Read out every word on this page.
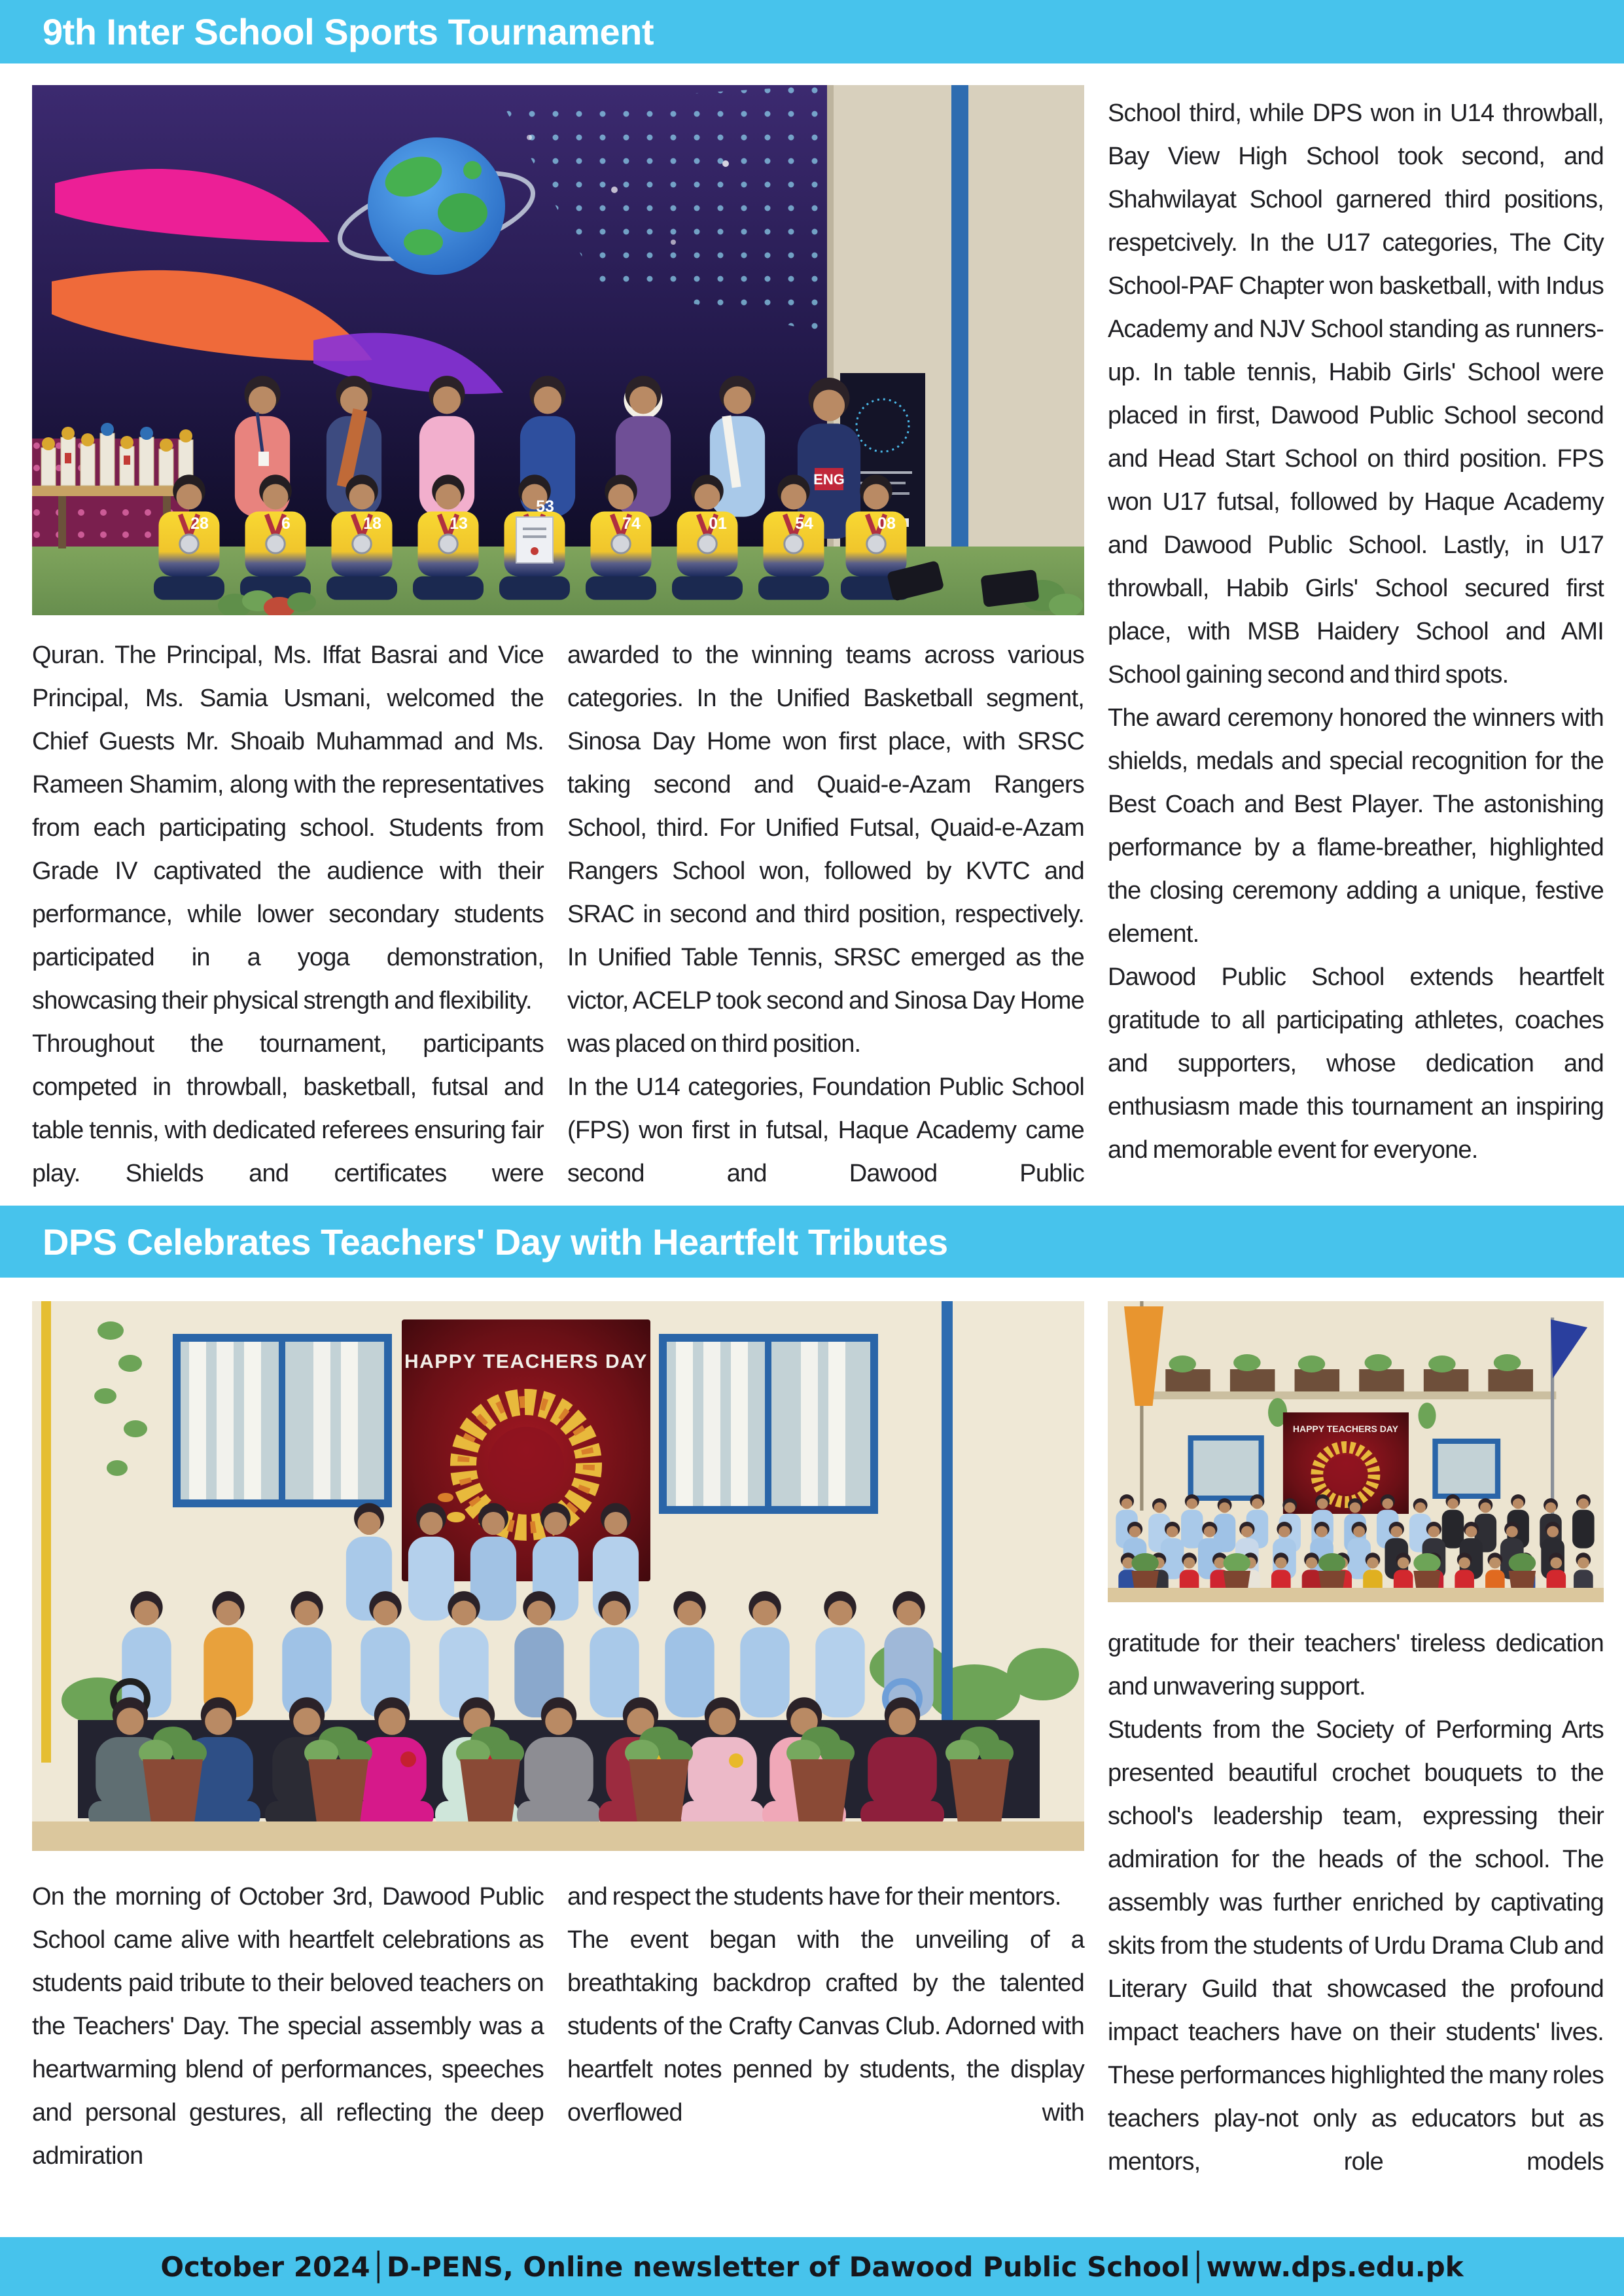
9th Inter School Sports Tournament
ENG
28	6	18	13
53
74	01	54	08

Quran. The Principal, Ms. Iffat Basrai and Vice Principal, Ms. Samia Usmani, welcomed the Chief Guests Mr. Shoaib Muhammad and Ms. Rameen Shamim, along with the representatives from each participating school. Students from Grade IV captivated the audience with their performance, while lower secondary students participated in a yoga demonstration, showcasing their physical strength and flexibility.

Throughout the tournament, participants competed in throwball, basketball, futsal and table tennis, with dedicated referees ensuring fair play. Shields and certificates were

awarded to the winning teams across various categories. In the Unified Basketball segment, Sinosa Day Home won first place, with SRSC taking second and Quaid-e-Azam Rangers School, third. For Unified Futsal, Quaid-e-Azam Rangers School won, followed by KVTC and SRAC in second and third position, respectively. In Unified Table Tennis, SRSC emerged as the victor, ACELP took second and Sinosa Day Home was placed on third position.

In the U14 categories, Foundation Public School (FPS) won first in futsal, Haque Academy came second and Dawood Public

School third, while DPS won in U14 throwball, Bay View High School took second, and Shahwilayat School garnered third positions, respetcively. In the U17 categories, The City School-PAF Chapter won basketball, with Indus Academy and NJV School standing as runners-up. In table tennis, Habib Girls' School were placed in first, Dawood Public School second and Head Start School on third position. FPS won U17 futsal, followed by Haque Academy and Dawood Public School. Lastly, in U17 throwball, Habib Girls' School secured first place, with MSB Haidery School and AMI School gaining second and third spots.

The award ceremony honored the winners with shields, medals and special recognition for the Best Coach and Best Player. The astonishing performance by a flame-breather, highlighted the closing ceremony adding a unique, festive element.

Dawood Public School extends heartfelt gratitude to all participating athletes, coaches and supporters, whose dedication and enthusiasm made this tournament an inspiring and memorable event for everyone.

DPS Celebrates Teachers' Day with Heartfelt Tributes
HAPPY TEACHERS DAY
HAPPY TEACHERS DAY

gratitude for their teachers' tireless dedication and unwavering support.

Students from the Society of Performing Arts presented beautiful crochet bouquets to the school's leadership team, expressing their admiration for the heads of the school. The assembly was further enriched by captivating skits from the students of Urdu Drama Club and Literary Guild that showcased the profound impact teachers have on their students' lives. These performances highlighted the many roles teachers play-not only as educators but as mentors, role models

On the morning of October 3rd, Dawood Public School came alive with heartfelt celebrations as students paid tribute to their beloved teachers on the Teachers' Day. The special assembly was a heartwarming blend of performances, speeches and personal gestures, all reflecting the deep admiration

and respect the students have for their mentors.

The event began with the unveiling of a breathtaking backdrop crafted by the talented students of the Crafty Canvas Club. Adorned with heartfelt notes penned by students, the display overflowed with

October 2024│D-PENS, Online newsletter of Dawood Public School│www.dps.edu.pk
